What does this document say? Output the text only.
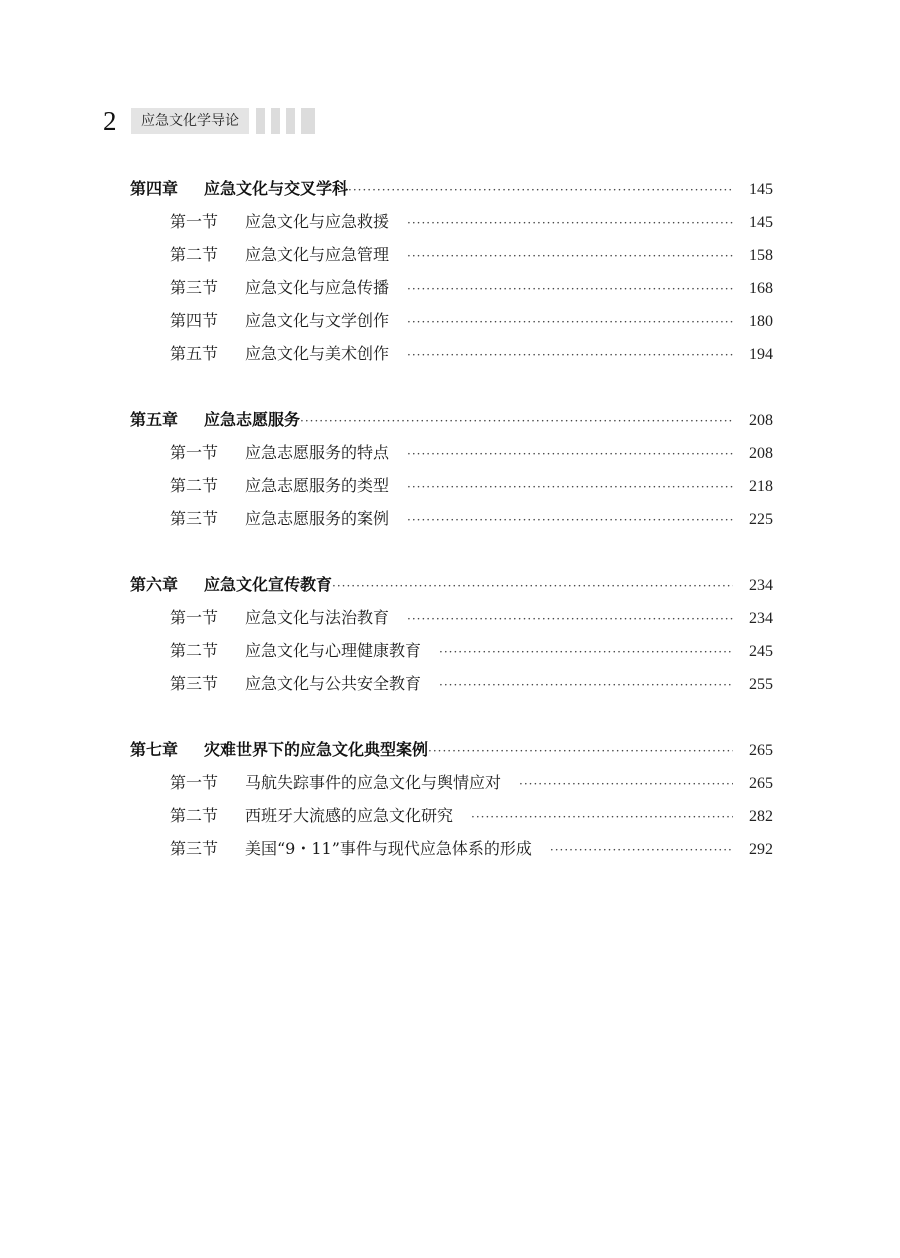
2	应急文化学导论
第四章	应急文化与交叉学科 ·····	145
第一节	应急文化与应急救援 ·····	145
第二节	应急文化与应急管理 ·····	158
第三节	应急文化与应急传播 ·····	168
第四节	应急文化与文学创作 ·····	180
第五节	应急文化与美术创作 ·····	194
第五章	应急志愿服务 ·····	208
第一节	应急志愿服务的特点 ·····	208
第二节	应急志愿服务的类型 ·····	218
第三节	应急志愿服务的案例 ·····	225
第六章	应急文化宣传教育 ·····	234
第一节	应急文化与法治教育 ·····	234
第二节	应急文化与心理健康教育 ·····	245
第三节	应急文化与公共安全教育 ·····	255
第七章	灾难世界下的应急文化典型案例 ·····	265
第一节	马航失踪事件的应急文化与舆情应对 ·····	265
第二节	西班牙大流感的应急文化研究 ·····	282
第三节	美国“9・11”事件与现代应急体系的形成 ·····	292
